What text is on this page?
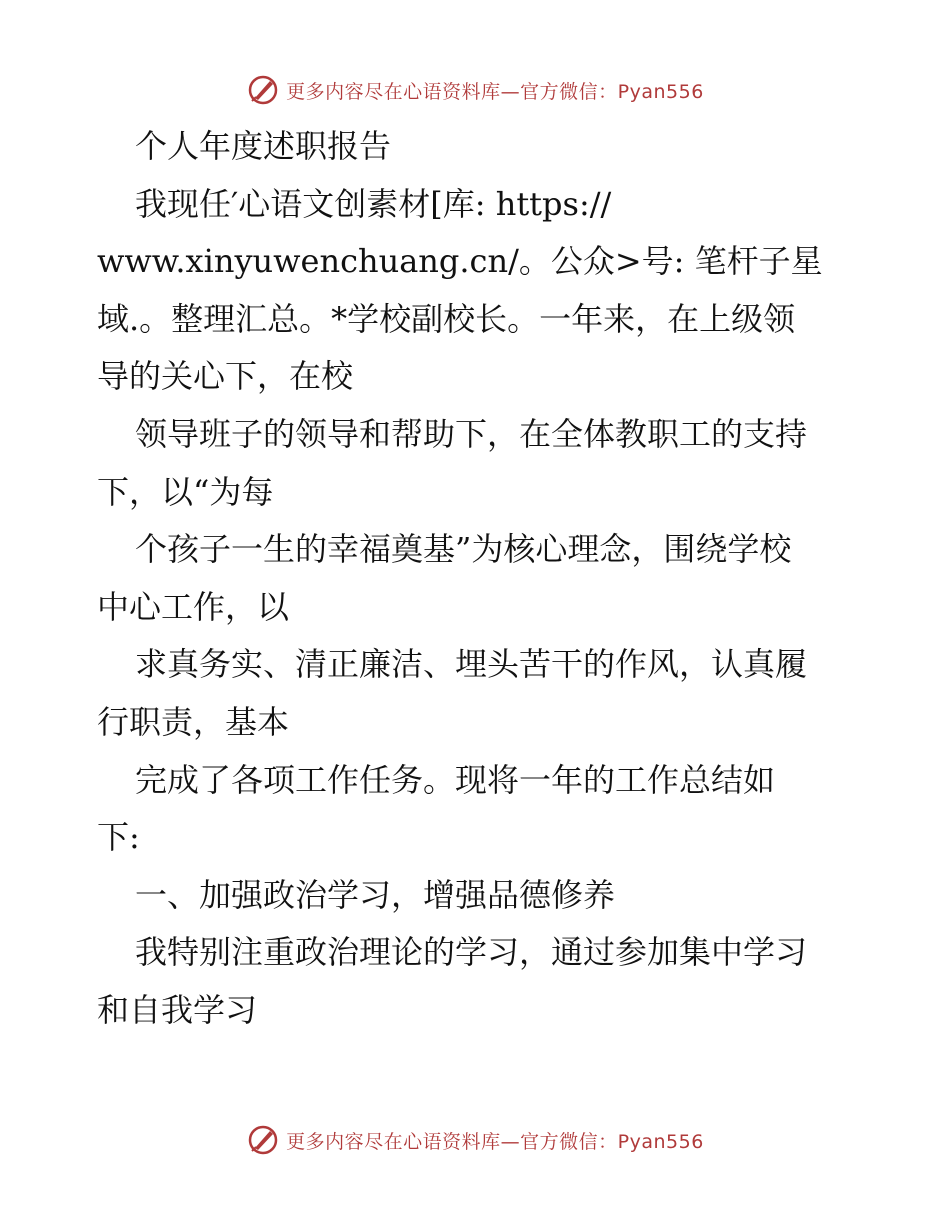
更多内容尽在心语资料库—官方微信：Pyan556
个人年度述职报告
我现任′心语文创素材[库: https://
www.xinyuwenchuang.cn/。公众>号: 笔杆子星
域.。整理汇总。*学校副校长。一年来，在上级领
导的关心下，在校
领导班子的领导和帮助下，在全体教职工的支持
下，以“为每
个孩子一生的幸福奠基”为核心理念，围绕学校
中心工作，以
求真务实、清正廉洁、埋头苦干的作风，认真履
行职责，基本
完成了各项工作任务。现将一年的工作总结如
下:
一、加强政治学习，增强品德修养
我特别注重政治理论的学习，通过参加集中学习
和自我学习
更多内容尽在心语资料库—官方微信：Pyan556
